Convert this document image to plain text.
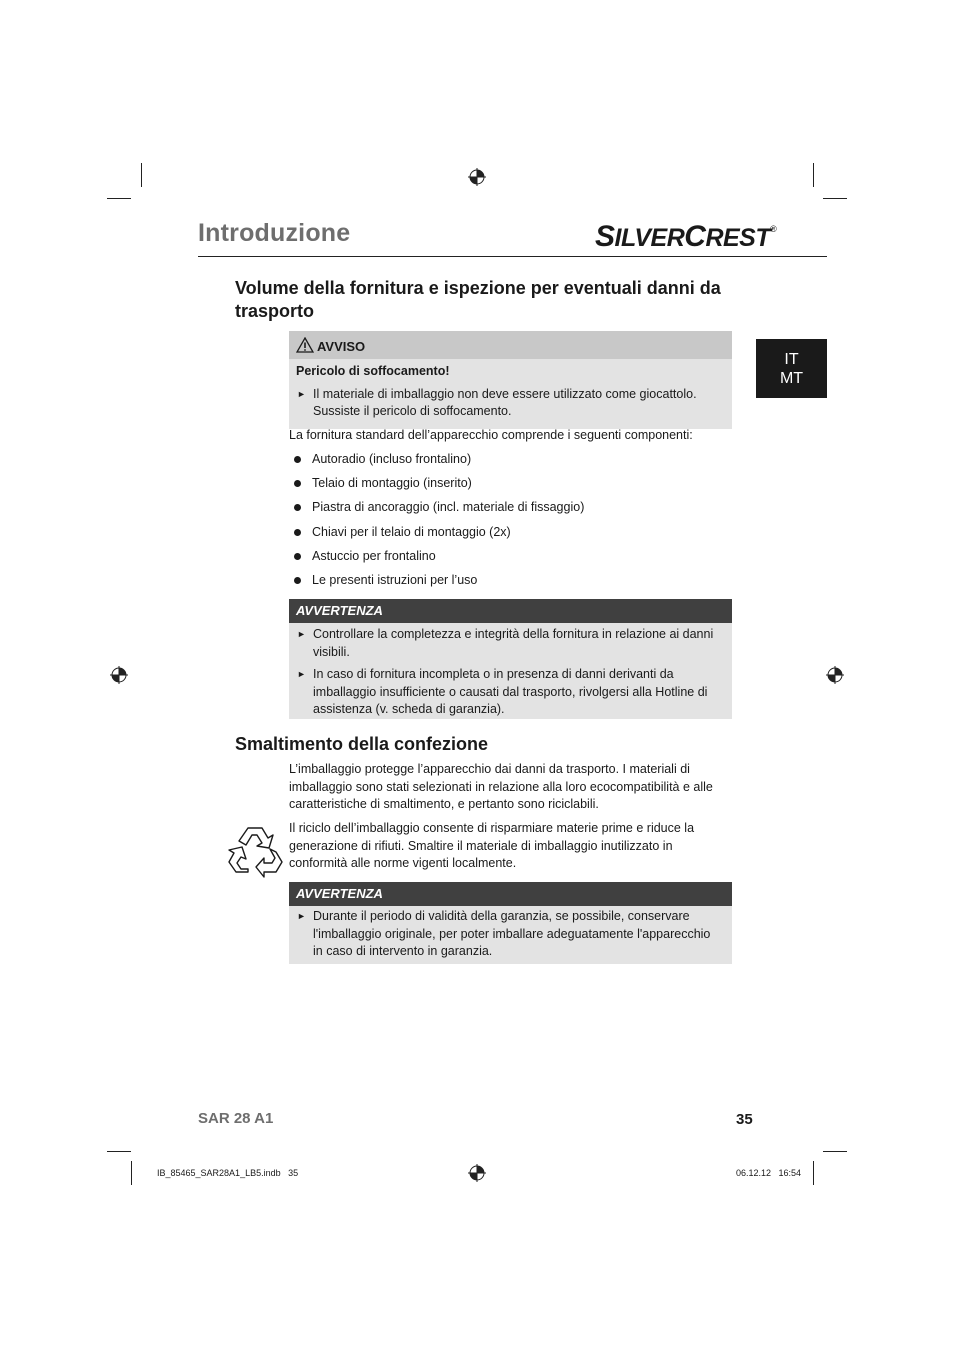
Introduzione	SILVERCREST®
IT
MT
Volume della fornitura e ispezione per eventuali danni da trasporto
AVVISO
Pericolo di soffocamento!
► Il materiale di imballaggio non deve essere utilizzato come giocattolo. Sussiste il pericolo di soffocamento.
La fornitura standard dell’apparecchio comprende i seguenti componenti:
Autoradio (incluso frontalino)
Telaio di montaggio (inserito)
Piastra di ancoraggio (incl. materiale di fissaggio)
Chiavi per il telaio di montaggio (2x)
Astuccio per frontalino
Le presenti istruzioni per l’uso
AVVERTENZA
► Controllare la completezza e integrità della fornitura in relazione ai danni visibili.
► In caso di fornitura incompleta o in presenza di danni derivanti da imballaggio insufficiente o causati dal trasporto, rivolgersi alla Hotline di assistenza (v. scheda di garanzia).
Smaltimento della confezione
L’imballaggio protegge l’apparecchio dai danni da trasporto. I materiali di imballaggio sono stati selezionati in relazione alla loro ecocompatibilità e alle caratteristiche di smaltimento, e pertanto sono riciclabili.
Il riciclo dell’imballaggio consente di risparmiare materie prime e riduce la generazione di rifiuti. Smaltire il materiale di imballaggio inutilizzato in conformità alle norme vigenti localmente.
AVVERTENZA
► Durante il periodo di validità della garanzia, se possibile, conservare l'imballaggio originale, per poter imballare adeguatamente l'apparecchio in caso di intervento in garanzia.
SAR 28 A1	35
IB_85465_SAR28A1_LB5.indb   35	06.12.12   16:54
